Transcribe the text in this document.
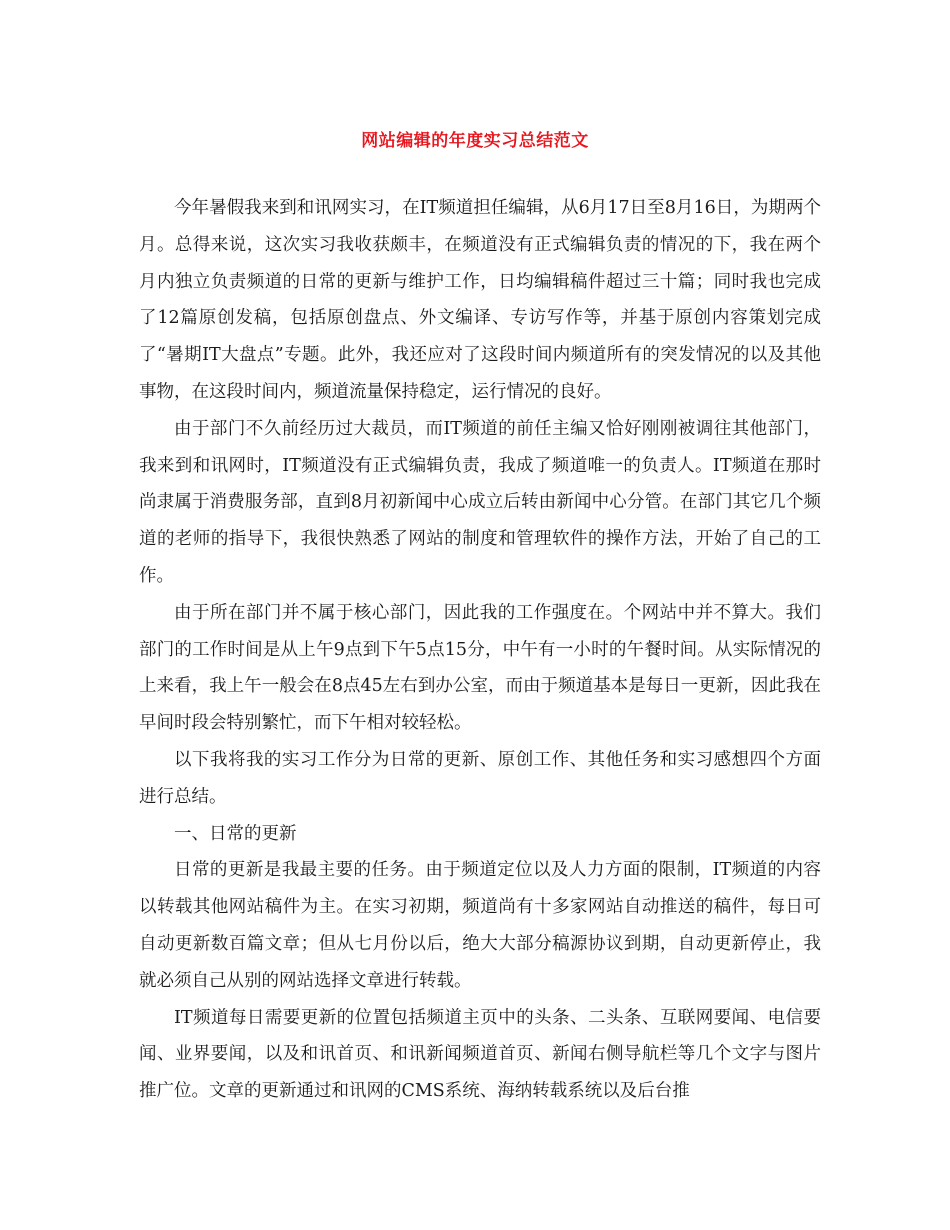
网站编辑的年度实习总结范文

今年暑假我来到和讯网实习，在IT频道担任编辑，从6月17日至8月16日，为期两个月。总得来说，这次实习我收获颇丰，在频道没有正式编辑负责的情况的下，我在两个月内独立负责频道的日常的更新与维护工作，日均编辑稿件超过三十篇；同时我也完成了12篇原创发稿，包括原创盘点、外文编译、专访写作等，并基于原创内容策划完成了“暑期IT大盘点”专题。此外，我还应对了这段时间内频道所有的突发情况的以及其他事物，在这段时间内，频道流量保持稳定，运行情况的良好。

由于部门不久前经历过大裁员，而IT频道的前任主编又恰好刚刚被调往其他部门，我来到和讯网时，IT频道没有正式编辑负责，我成了频道唯一的负责人。IT频道在那时尚隶属于消费服务部，直到8月初新闻中心成立后转由新闻中心分管。在部门其它几个频道的老师的指导下，我很快熟悉了网站的制度和管理软件的操作方法，开始了自己的工作。

由于所在部门并不属于核心部门，因此我的工作强度在。个网站中并不算大。我们部门的工作时间是从上午9点到下午5点15分，中午有一小时的午餐时间。从实际情况的上来看，我上午一般会在8点45左右到办公室，而由于频道基本是每日一更新，因此我在早间时段会特别繁忙，而下午相对较轻松。

以下我将我的实习工作分为日常的更新、原创工作、其他任务和实习感想四个方面进行总结。

一、日常的更新

日常的更新是我最主要的任务。由于频道定位以及人力方面的限制，IT频道的内容以转载其他网站稿件为主。在实习初期，频道尚有十多家网站自动推送的稿件，每日可自动更新数百篇文章；但从七月份以后，绝大大部分稿源协议到期，自动更新停止，我就必须自己从别的网站选择文章进行转载。

IT频道每日需要更新的位置包括频道主页中的头条、二头条、互联网要闻、电信要闻、业界要闻，以及和讯首页、和讯新闻频道首页、新闻右侧导航栏等几个文字与图片推广位。文章的更新通过和讯网的CMS系统、海纳转载系统以及后台推
